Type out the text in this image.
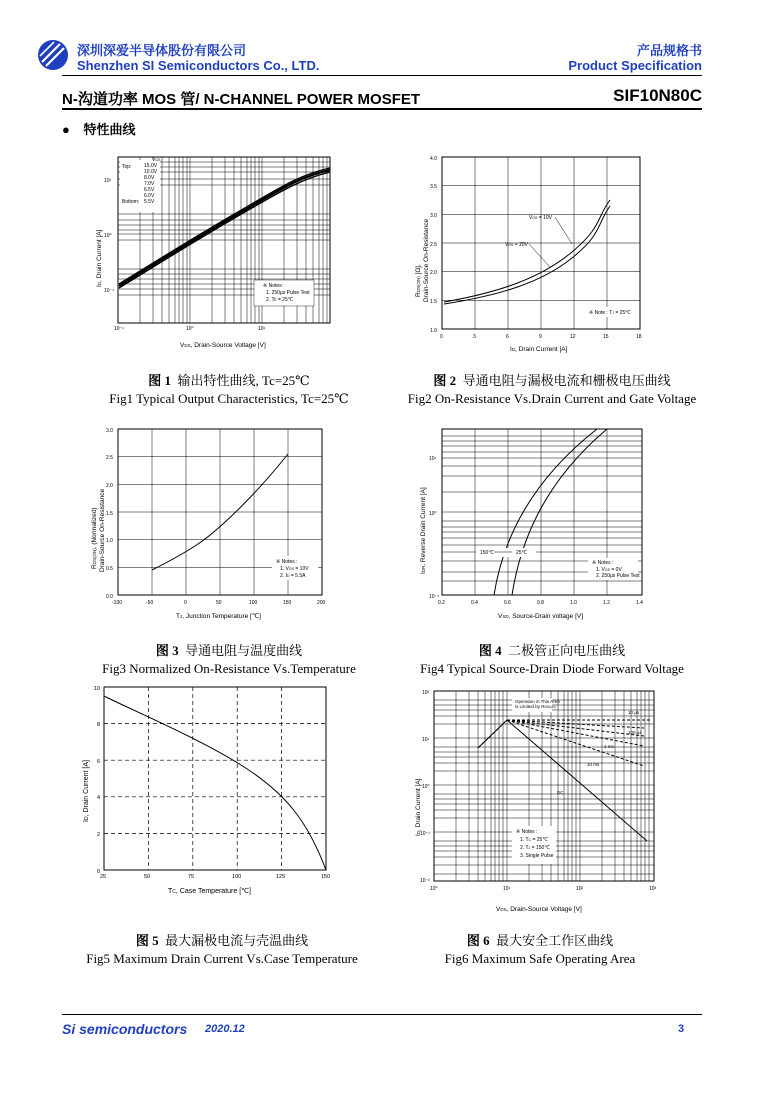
深圳深爱半导体股份有限公司
Shenzhen SI Semiconductors Co., LTD.
产品规格书
Product Specification
N-沟道功率 MOS 管/ N-CHANNEL POWER MOSFET	SIF10N80C
● 特性曲线
Top:	15.0V
10.0V
8.0V
7.0V
6.5V
6.0V
Bottom: 5.5V
VGS
※ Notes:
1. 250μs Pulse Test
2. Tc = 25℃
10⁻¹	10⁰	10¹
10¹
10⁰
10⁻¹
VDS, Drain-Source Voltage [V]
ID, Drain Current [A]
VGS = 10V
VGS = 20V
※ Note : TJ = 25℃
0	3	6	9	12	15	18
1.0
1.5
2.0
2.5
3.0
3.5
4.0
ID, Drain Current [A]
RDS(ON) [Ω], Drain-Source On-Resistance
图 1 输出特性曲线, Tc=25℃
Fig1 Typical Output Characteristics, Tc=25℃
图 2 导通电阻与漏极电流和栅极电压曲线
Fig2 On-Resistance Vs.Drain Current and Gate Voltage
※ Notes :
1. VGS = 10V
2. ID = 5.5A
-100	-50	0	50	100	150	200
0.0
0.5
1.0
1.5
2.0
2.5
3.0
TJ, Junction Temperature [℃]
RDS(ON), (Normalized) Drain-Source On-Resistance	150℃	25℃
※ Notes :
1. VGS = 0V
2. 250μs Pulse Test
0.2	0.4	0.6	0.8	1.0	1.2	1.4
10¹
10⁰
10⁻¹
VSD, Source-Drain voltage [V]
IDR, Reverse Drain Current [A]
图 3 导通电阻与温度曲线
Fig3 Normalized On-Resistance Vs.Temperature
图 4 二极管正向电压曲线
Fig4 Typical Source-Drain Diode Forward Voltage
25	50	75	100	125	150
0
2
4
6
8
10
TC, Case Temperature [℃]
ID, Drain Current [A]
Operation in This Area
is Limited by RDS(on)
10 μs
100 μs
1 ms
10 ms
DC
※ Notes :
1. TC = 25℃
2. TJ = 150℃
3. Single Pulse
10⁰	10¹	10²	10³
10²
10¹
10⁰
10⁻¹
10⁻²
VDS, Drain-Source Voltage [V]
ID, Drain Current [A]
图 5 最大漏极电流与壳温曲线
Fig5 Maximum Drain Current Vs.Case Temperature
图 6 最大安全工作区曲线
Fig6 Maximum Safe Operating Area
Si semiconductors 2020.12	3
